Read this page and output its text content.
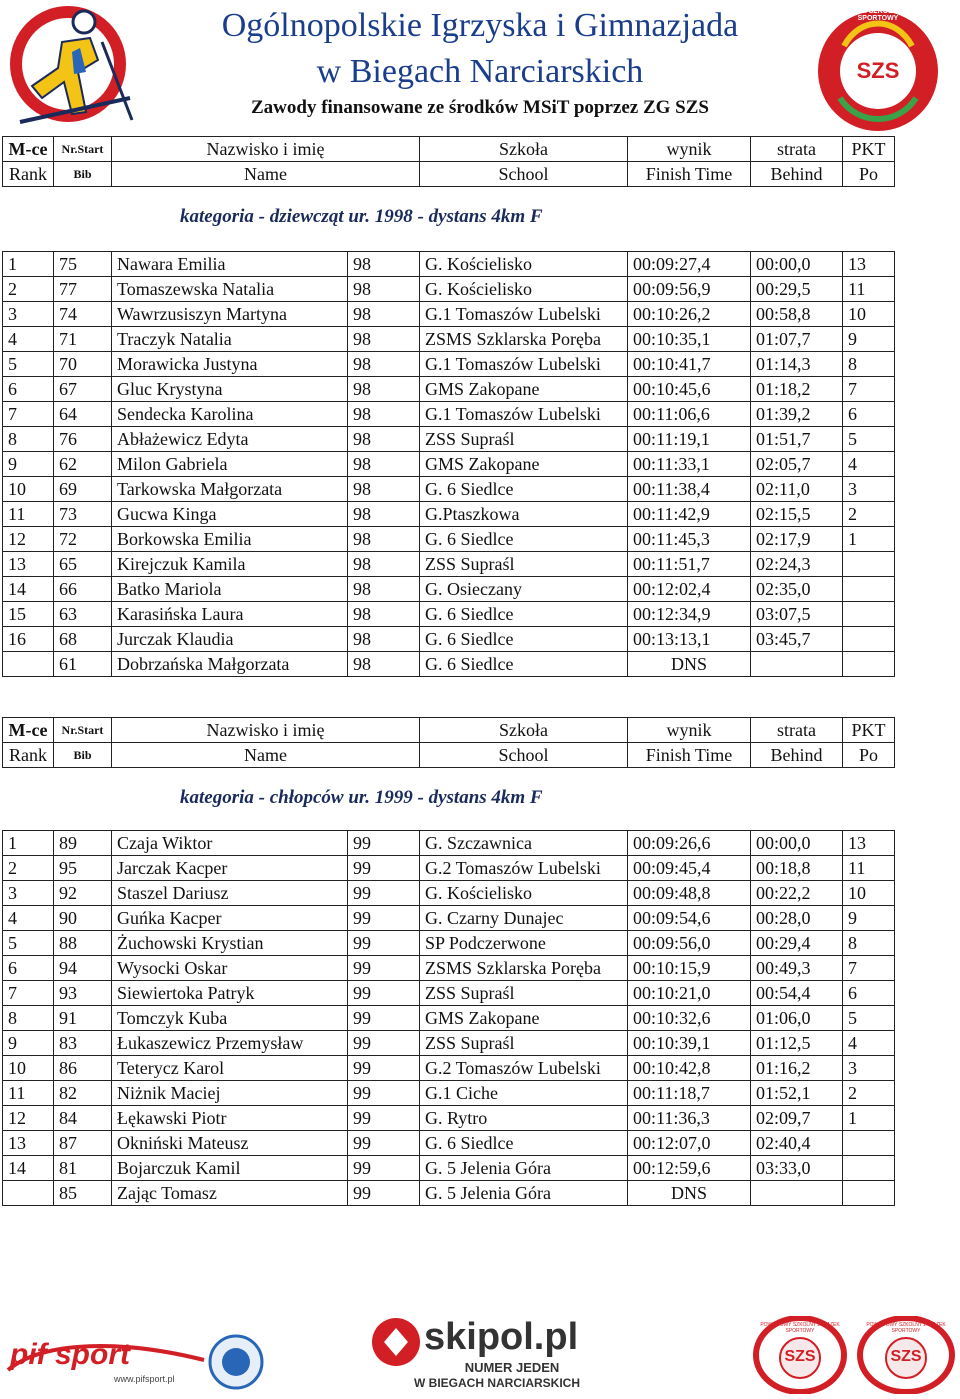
Ogólnopolskie Igrzyska i Gimnazjada
w Biegach Narciarskich
Zawody finansowane ze środków MSiT poprzez ZG SZS
SZS
MAŁOPOLSKI SZKOLNY ZWIĄZEK SPORTOWY
M-ce	Nr.Start	Nazwisko i imię	Szkoła	wynik	strata	PKT
Rank	Bib	Name	School	Finish Time	Behind	Po
kategoria - dziewcząt ur. 1998 - dystans 4km F
1	75	Nawara Emilia	98	G. Kościelisko	00:09:27,4	00:00,0	13
2	77	Tomaszewska Natalia	98	G. Kościelisko	00:09:56,9	00:29,5	11
3	74	Wawrzusiszyn Martyna	98	G.1 Tomaszów Lubelski	00:10:26,2	00:58,8	10
4	71	Traczyk Natalia	98	ZSMS Szklarska Poręba	00:10:35,1	01:07,7	9
5	70	Morawicka Justyna	98	G.1 Tomaszów Lubelski	00:10:41,7	01:14,3	8
6	67	Gluc Krystyna	98	GMS Zakopane	00:10:45,6	01:18,2	7
7	64	Sendecka Karolina	98	G.1 Tomaszów Lubelski	00:11:06,6	01:39,2	6
8	76	Abłażewicz Edyta	98	ZSS Supraśl	00:11:19,1	01:51,7	5
9	62	Milon Gabriela	98	GMS Zakopane	00:11:33,1	02:05,7	4
10	69	Tarkowska Małgorzata	98	G. 6 Siedlce	00:11:38,4	02:11,0	3
11	73	Gucwa Kinga	98	G.Ptaszkowa	00:11:42,9	02:15,5	2
12	72	Borkowska Emilia	98	G. 6 Siedlce	00:11:45,3	02:17,9	1
13	65	Kirejczuk Kamila	98	ZSS Supraśl	00:11:51,7	02:24,3	
14	66	Batko Mariola	98	G. Osieczany	00:12:02,4	02:35,0	
15	63	Karasińska Laura	98	G. 6 Siedlce	00:12:34,9	03:07,5	
16	68	Jurczak Klaudia	98	G. 6 Siedlce	00:13:13,1	03:45,7	
	61	Dobrzańska Małgorzata	98	G. 6 Siedlce	DNS		
M-ce	Nr.Start	Nazwisko i imię	Szkoła	wynik	strata	PKT
Rank	Bib	Name	School	Finish Time	Behind	Po
kategoria - chłopców ur. 1999 - dystans 4km F
1	89	Czaja Wiktor	99	G. Szczawnica	00:09:26,6	00:00,0	13
2	95	Jarczak Kacper	99	G.2 Tomaszów Lubelski	00:09:45,4	00:18,8	11
3	92	Staszel Dariusz	99	G. Kościelisko	00:09:48,8	00:22,2	10
4	90	Guńka Kacper	99	G. Czarny Dunajec	00:09:54,6	00:28,0	9
5	88	Żuchowski Krystian	99	SP Podczerwone	00:09:56,0	00:29,4	8
6	94	Wysocki Oskar	99	ZSMS Szklarska Poręba	00:10:15,9	00:49,3	7
7	93	Siewiertoka Patryk	99	ZSS Supraśl	00:10:21,0	00:54,4	6
8	91	Tomczyk Kuba	99	GMS Zakopane	00:10:32,6	01:06,0	5
9	83	Łukaszewicz Przemysław	99	ZSS Supraśl	00:10:39,1	01:12,5	4
10	86	Teterycz Karol	99	G.2 Tomaszów Lubelski	00:10:42,8	01:16,2	3
11	82	Niżnik Maciej	99	G.1 Ciche	00:11:18,7	01:52,1	2
12	84	Łękawski Piotr	99	G. Rytro	00:11:36,3	02:09,7	1
13	87	Okniński Mateusz	99	G. 6 Siedlce	00:12:07,0	02:40,4	
14	81	Bojarczuk Kamil	99	G. 5 Jelenia Góra	00:12:59,6	03:33,0	
	85	Zając Tomasz	99	G. 5 Jelenia Góra	DNS		
pif sport
www.pifsport.pl
skipol.pl
NUMER JEDEN
W BIEGACH NARCIARSKICH
SZS
POWIATOWY SZKOLNY ZWIĄZEK SPORTOWY
SZS
POWIATOWY SZKOLNY ZWIĄZEK SPORTOWY
